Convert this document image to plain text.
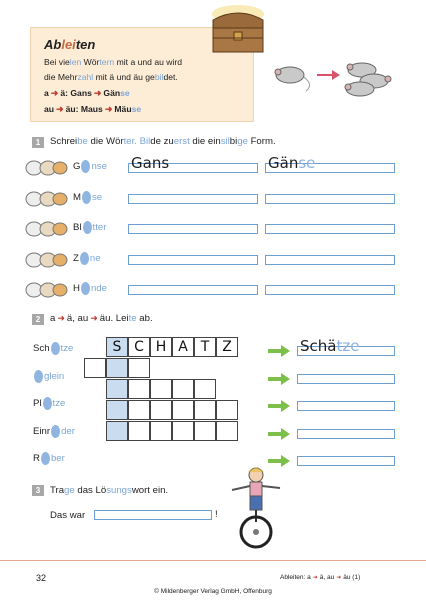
Ableiten
Bei vielen Wörtern mit a und au wird
die Mehrzahl mit ä und äu gebildet.
a ➜ ä: Gans ➜ Gänse
au ➜ äu: Maus ➜ Mäuse
1	Schreibe die Wörter. Bilde zuerst die einsilbige Form.
G nse Gans	Gänse
M se
Bl tter
Z ne
H nde
2	a ➜ ä, au ➜ äu. Leite ab.
S C H A T Z
Sch tze	Schätze
glein
Pl tze
Einr der
R ber
3	Trage das Lösungswort ein.
Das war	!
32	Ableiten: a ➜ ä, au ➜ äu (1)
© Mildenberger Verlag GmbH, Offenburg
